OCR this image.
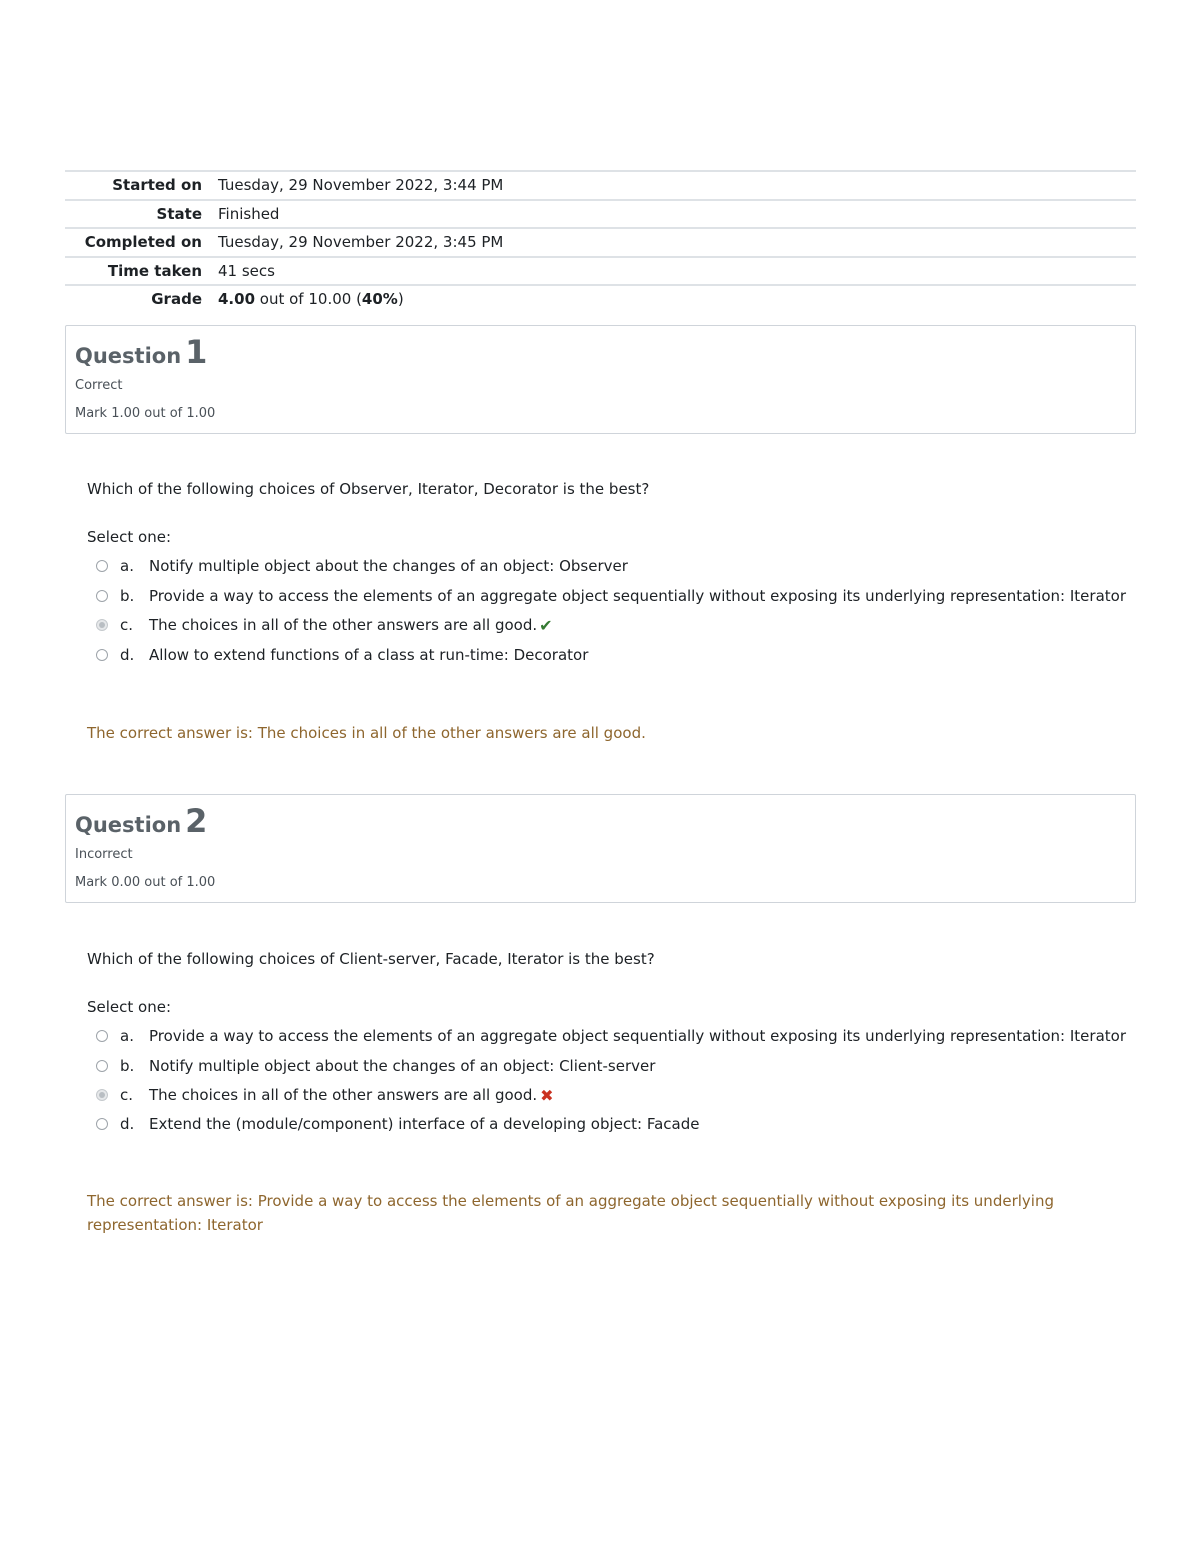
Started on	Tuesday, 29 November 2022, 3:44 PM
State	Finished
Completed on	Tuesday, 29 November 2022, 3:45 PM
Time taken	41 secs
Grade	4.00 out of 10.00 (40%)
Question 1
Correct
Mark 1.00 out of 1.00
Which of the following choices of Observer, Iterator, Decorator is the best?
Select one:
a.	Notify multiple object about the changes of an object: Observer
b. Provide a way to access the elements of an aggregate object sequentially without exposing its underlying representation: Iterator
c.	The choices in all of the other answers are all good. ✔
d. Allow to extend functions of a class at run-time: Decorator
The correct answer is: The choices in all of the other answers are all good.
Question 2
Incorrect
Mark 0.00 out of 1.00
Which of the following choices of Client-server, Facade, Iterator is the best?
Select one:
a.	Provide a way to access the elements of an aggregate object sequentially without exposing its underlying representation: Iterator
b. Notify multiple object about the changes of an object: Client-server
c.	The choices in all of the other answers are all good. ✖
d. Extend the (module/component) interface of a developing object: Facade
The correct answer is: Provide a way to access the elements of an aggregate object sequentially without exposing its underlying representation: Iterator
